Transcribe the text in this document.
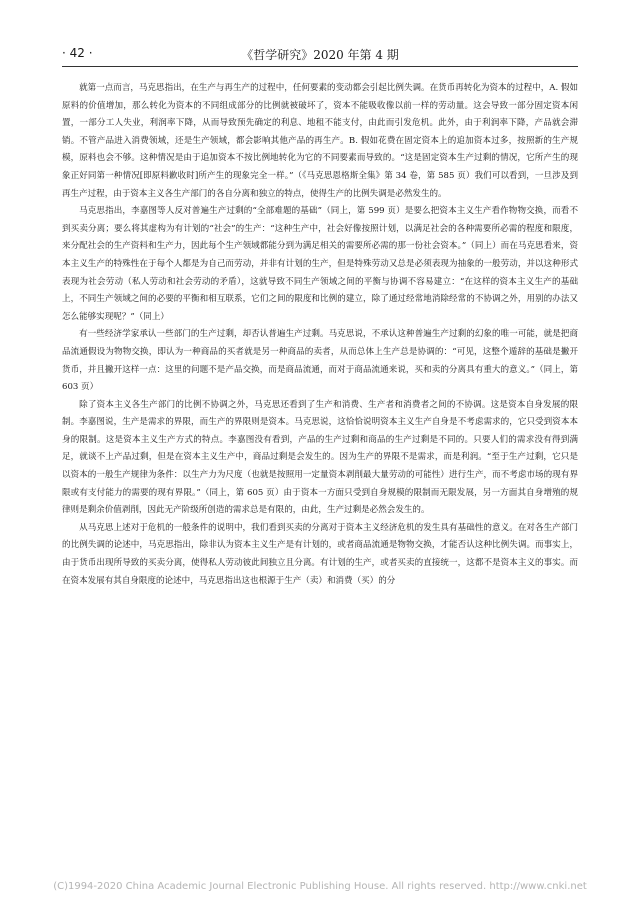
· 42 ·	《哲学研究》2020 年第 4 期

就第一点而言，马克思指出，在生产与再生产的过程中，任何要素的变动都会引起比例失调。在货币再转化为资本的过程中，A. 假如原料的价值增加，那么转化为资本的不同组成部分的比例就被破坏了，资本不能吸收像以前一样的劳动量。这会导致一部分固定资本闲置，一部分工人失业，利润率下降，从而导致预先确定的利息、地租不能支付，由此而引发危机。此外，由于利润率下降，产品就会滞销。不管产品进入消费领域，还是生产领域，都会影响其他产品的再生产。B. 假如花费在固定资本上的追加资本过多，按照新的生产规模，原料也会不够。这种情况是由于追加资本不按比例地转化为它的不同要素而导致的。“这是固定资本生产过剩的情况，它所产生的现象正好同第一种情况[即原料歉收时]所产生的现象完全一样。”（《马克思恩格斯全集》第 34 卷，第 585 页）我们可以看到，一旦涉及到再生产过程，由于资本主义各生产部门的各自分离和独立的特点，使得生产的比例失调是必然发生的。

马克思指出，李嘉图等人反对普遍生产过剩的“全部难题的基础”（同上，第 599 页）是要么把资本主义生产看作物物交换，而看不到买卖分离；要么将其虚构为有计划的“社会”的生产：“这种生产中，社会好像按照计划，以满足社会的各种需要所必需的程度和限度，来分配社会的生产资料和生产力，因此每个生产领域都能分到为满足相关的需要所必需的那一份社会资本。”（同上）而在马克思看来，资本主义生产的特殊性在于每个人都是为自己而劳动，并非有计划的生产，但是特殊劳动又总是必须表现为抽象的一般劳动，并以这种形式表现为社会劳动（私人劳动和社会劳动的矛盾），这就导致不同生产领域之间的平衡与协调不容易建立：“在这样的资本主义生产的基础上，不同生产领域之间的必要的平衡和相互联系，它们之间的限度和比例的建立，除了通过经常地消除经常的不协调之外，用别的办法又怎么能够实现呢？”（同上）

有一些经济学家承认一些部门的生产过剩，却否认普遍生产过剩。马克思说，不承认这种普遍生产过剩的幻象的唯一可能，就是把商品流通假设为物物交换，即认为一种商品的买者就是另一种商品的卖者，从而总体上生产总是协调的：“可见，这整个遁辞的基础是撇开货币，并且撇开这样一点：这里的问题不是产品交换，而是商品流通，而对于商品流通来说，买和卖的分离具有重大的意义。”（同上，第 603 页）

除了资本主义各生产部门的比例不协调之外，马克思还看到了生产和消费、生产者和消费者之间的不协调。这是资本自身发展的限制。李嘉图说，生产是需求的界限，而生产的界限则是资本。马克思说，这恰恰说明资本主义生产自身是不考虑需求的，它只受到资本本身的限制。这是资本主义生产方式的特点。李嘉图没有看到，产品的生产过剩和商品的生产过剩是不同的。只要人们的需求没有得到满足，就谈不上产品过剩，但是在资本主义生产中，商品过剩是会发生的。因为生产的界限不是需求，而是利润。“至于生产过剩，它只是以资本的一般生产规律为条件：以生产力为尺度（也就是按照用一定量资本剥削最大量劳动的可能性）进行生产，而不考虑市场的现有界限或有支付能力的需要的现有界限。”（同上，第 605 页）由于资本一方面只受到自身规模的限制而无限发展，另一方面其自身增殖的规律则是剩余价值剥削，因此无产阶级所创造的需求总是有限的，由此，生产过剩是必然会发生的。

从马克思上述对于危机的一般条件的说明中，我们看到买卖的分离对于资本主义经济危机的发生具有基础性的意义。在对各生产部门的比例失调的论述中，马克思指出，除非认为资本主义生产是有计划的，或者商品流通是物物交换，才能否认这种比例失调。而事实上，由于货币出现所导致的买卖分离，使得私人劳动彼此间独立且分离。有计划的生产，或者买卖的直接统一，这都不是资本主义的事实。而在资本发展有其自身限度的论述中，马克思指出这也根源于生产（卖）和消费（买）的分

(C)1994-2020 China Academic Journal Electronic Publishing House. All rights reserved. http://www.cnki.net
